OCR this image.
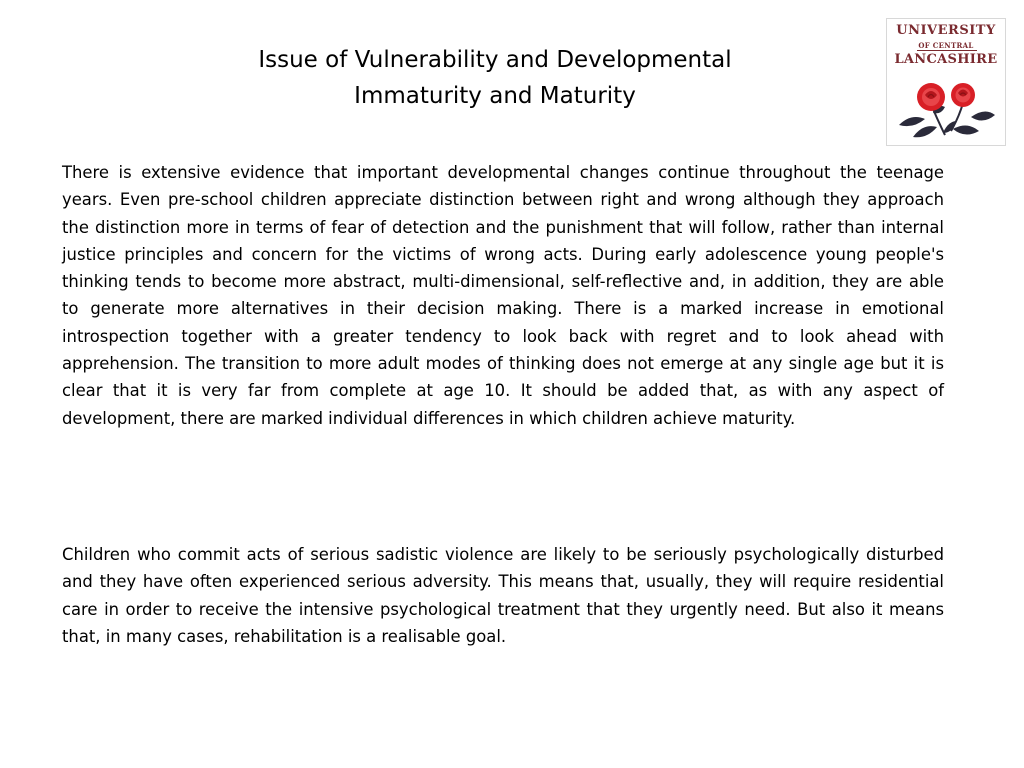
Issue of Vulnerability and Developmental
Immaturity and Maturity
UNIVERSITY
OF CENTRAL
LANCASHIRE

There is extensive evidence that important developmental changes continue throughout the teenage years. Even pre-school children appreciate distinction between right and wrong although they approach the distinction more in terms of fear of detection and the punishment that will follow, rather than internal justice principles and concern for the victims of wrong acts. During early adolescence young people's thinking tends to become more abstract, multi-dimensional, self-reflective and, in addition, they are able to generate more alternatives in their decision making. There is a marked increase in emotional introspection together with a greater tendency to look back with regret and to look ahead with apprehension. The transition to more adult modes of thinking does not emerge at any single age but it is clear that it is very far from complete at age 10. It should be added that, as with any aspect of development, there are marked individual differences in which children achieve maturity.

Children who commit acts of serious sadistic violence are likely to be seriously psychologically disturbed and they have often experienced serious adversity. This means that, usually, they will require residential care in order to receive the intensive psychological treatment that they urgently need. But also it means that, in many cases, rehabilitation is a realisable goal.
